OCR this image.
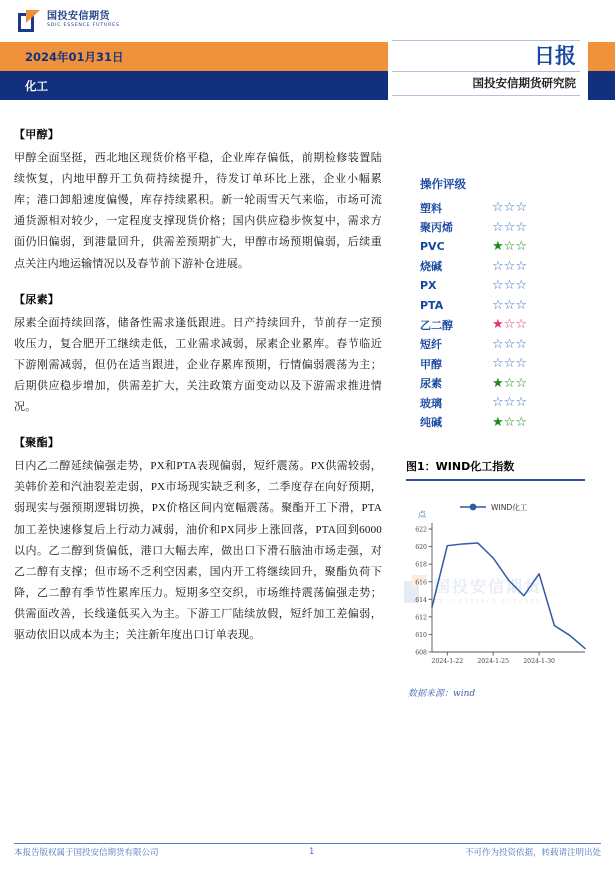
国投安信期货
SDIC ESSENCE FUTURES
2024年01月31日
化工
日报
国投安信期货研究院
【甲醇】

甲醇全面坚挺，西北地区现货价格平稳，企业库存偏低，前期检修装置陆续恢复，内地甲醇开工负荷持续提升，待发订单环比上涨，企业小幅累库；港口卸船速度偏慢，库存持续累积。新一轮雨雪天气来临，市场可流通货源相对较少，一定程度支撑现货价格；国内供应稳步恢复中，需求方面仍旧偏弱，到港量回升，供需差预期扩大，甲醇市场预期偏弱，后续重点关注内地运输情况以及春节前下游补仓进展。

【尿素】

尿素全面持续回落，储备性需求逢低跟进。日产持续回升，节前存一定预收压力，复合肥开工继续走低，工业需求减弱，尿素企业累库。春节临近下游刚需减弱，但仍在适当跟进，企业存累库预期，行情偏弱震荡为主；后期供应稳步增加，供需差扩大，关注政策方面变动以及下游需求推进情况。

【聚酯】

日内乙二醇延续偏强走势，PX和PTA表现偏弱，短纤震荡。PX供需较弱，美韩价差和汽油裂差走弱，PX市场现实缺乏利多，二季度存在向好预期，弱现实与强预期逻辑切换，PX价格区间内宽幅震荡。聚酯开工下滑，PTA加工差快速修复后上行动力减弱，油价和PX同步上涨回落，PTA回到6000以内。乙二醇到货偏低，港口大幅去库，做出口下滑石脑油市场走强，对乙二醇有支撑；但市场不乏利空因素，国内开工将继续回升，聚酯负荷下降，乙二醇有季节性累库压力。短期多空交织，市场维持震荡偏强走势；供需面改善，长线逢低买入为主。下游工厂陆续放假，短纤加工差偏弱，驱动依旧以成本为主；关注新年度出口订单表现。

操作评级
塑料	☆☆☆
聚丙烯	☆☆☆
PVC	★☆☆
烧碱	☆☆☆
PX	☆☆☆
PTA	☆☆☆
乙二醇	★☆☆
短纤	☆☆☆
甲醇	☆☆☆
尿素	★☆☆
玻璃	☆☆☆
纯碱	★☆☆
图1：WIND化工指数
国投安信期货
SDIC ESSENCE FUTURES
608
610
612
614
616
618
620
622
2024-1-22 2024-1-25 2024-1-30
点
WIND化工
数据来源：wind
本报告版权属于国投安信期货有限公司	1	不可作为投资依据，转载请注明出处
